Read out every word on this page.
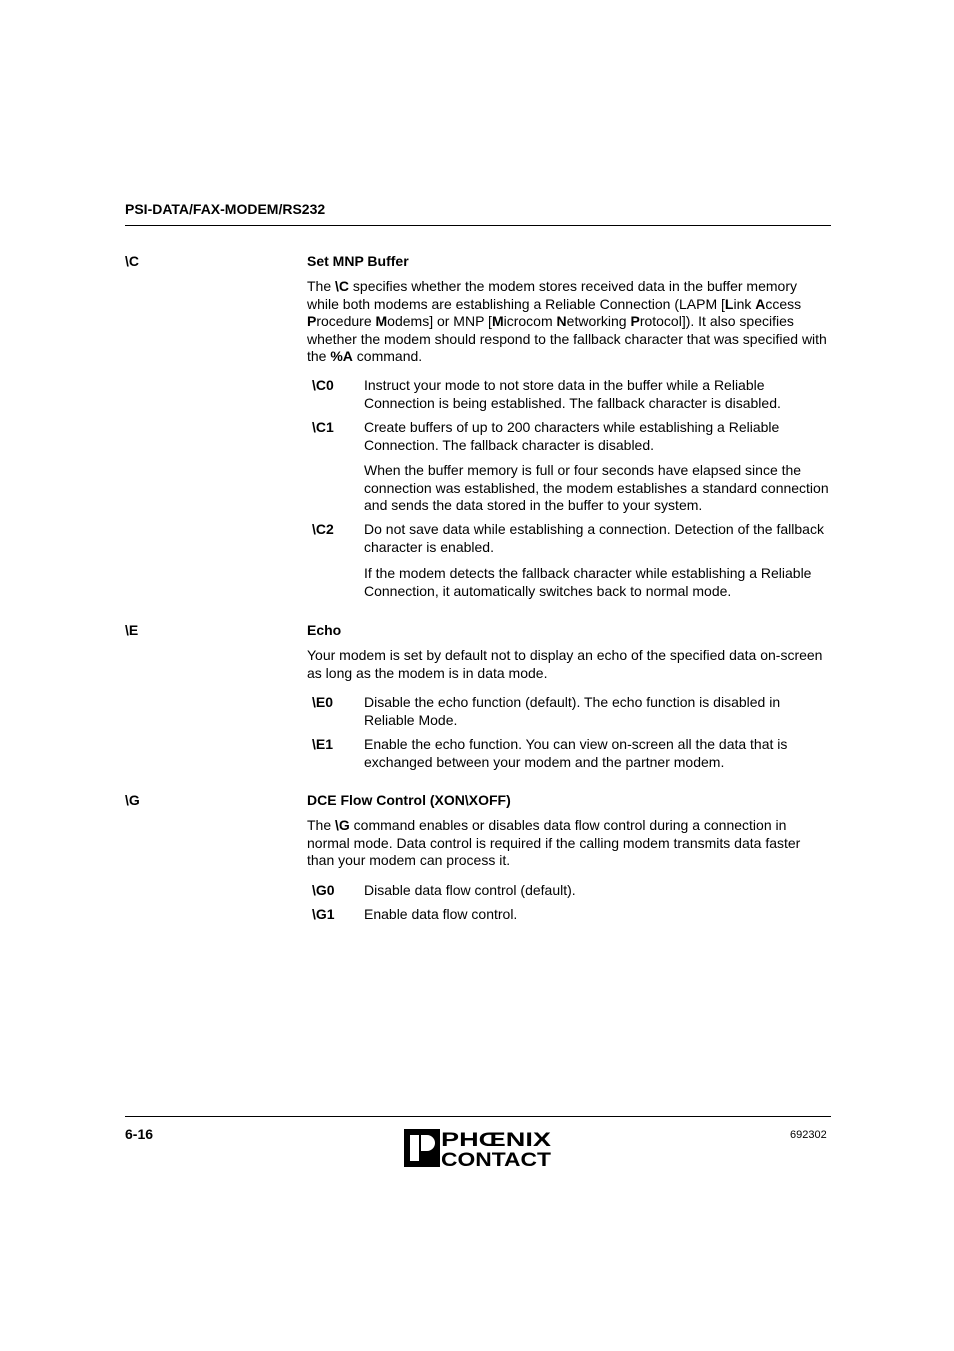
PSI-DATA/FAX-MODEM/RS232
\C	Set MNP Buffer
The \C specifies whether the modem stores received data in the buffer memory while both modems are establishing a Reliable Connection (LAPM [Link Access Procedure Modems] or MNP [Microcom Networking Protocol]). It also specifies whether the modem should respond to the fallback character that was specified with the %A command.
\C0 Instruct your mode to not store data in the buffer while a Reliable Connection is being established. The fallback character is disabled.
\C1 Create buffers of up to 200 characters while establishing a Reliable Connection. The fallback character is disabled.
When the buffer memory is full or four seconds have elapsed since the connection was established, the modem establishes a standard connection and sends the data stored in the buffer to your system.
\C2 Do not save data while establishing a connection. Detection of the fallback character is enabled.
If the modem detects the fallback character while establishing a Reliable Connection, it automatically switches back to normal mode.
\E	Echo
Your modem is set by default not to display an echo of the specified data on-screen as long as the modem is in data mode.
\E0 Disable the echo function (default). The echo function is disabled in Reliable Mode.
\E1 Enable the echo function. You can view on-screen all the data that is exchanged between your modem and the partner modem.
\G	DCE Flow Control (XON\XOFF)
The \G command enables or disables data flow control during a connection in normal mode. Data control is required if the calling modem transmits data faster than your modem can process it.
\G0 Disable data flow control (default).
\G1 Enable data flow control.
6-16	692302
PHŒNIX
CONTACT
